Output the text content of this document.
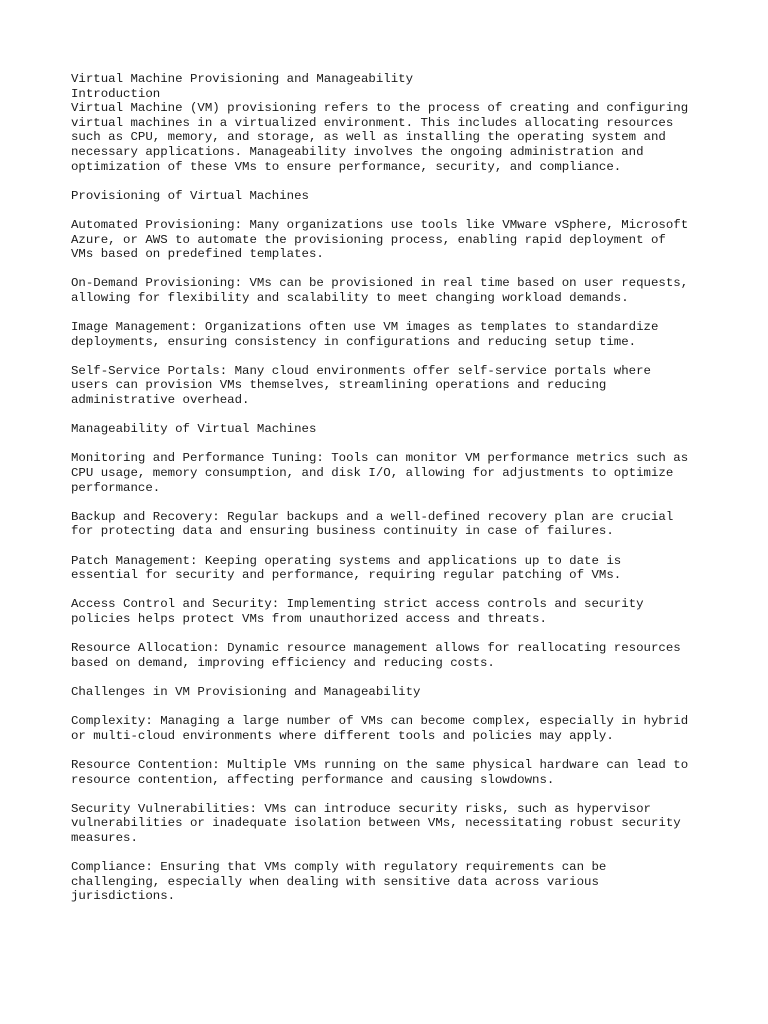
Virtual Machine Provisioning and Manageability

Introduction

Virtual Machine (VM) provisioning refers to the process of creating and configuring

virtual machines in a virtualized environment. This includes allocating resources

such as CPU, memory, and storage, as well as installing the operating system and

necessary applications. Manageability involves the ongoing administration and

optimization of these VMs to ensure performance, security, and compliance.

Provisioning of Virtual Machines

Automated Provisioning: Many organizations use tools like VMware vSphere, Microsoft

Azure, or AWS to automate the provisioning process, enabling rapid deployment of

VMs based on predefined templates.

On-Demand Provisioning: VMs can be provisioned in real time based on user requests,

allowing for flexibility and scalability to meet changing workload demands.

Image Management: Organizations often use VM images as templates to standardize

deployments, ensuring consistency in configurations and reducing setup time.

Self-Service Portals: Many cloud environments offer self-service portals where

users can provision VMs themselves, streamlining operations and reducing

administrative overhead.

Manageability of Virtual Machines

Monitoring and Performance Tuning: Tools can monitor VM performance metrics such as

CPU usage, memory consumption, and disk I/O, allowing for adjustments to optimize

performance.

Backup and Recovery: Regular backups and a well-defined recovery plan are crucial

for protecting data and ensuring business continuity in case of failures.

Patch Management: Keeping operating systems and applications up to date is

essential for security and performance, requiring regular patching of VMs.

Access Control and Security: Implementing strict access controls and security

policies helps protect VMs from unauthorized access and threats.

Resource Allocation: Dynamic resource management allows for reallocating resources

based on demand, improving efficiency and reducing costs.

Challenges in VM Provisioning and Manageability

Complexity: Managing a large number of VMs can become complex, especially in hybrid

or multi-cloud environments where different tools and policies may apply.

Resource Contention: Multiple VMs running on the same physical hardware can lead to

resource contention, affecting performance and causing slowdowns.

Security Vulnerabilities: VMs can introduce security risks, such as hypervisor

vulnerabilities or inadequate isolation between VMs, necessitating robust security

measures.

Compliance: Ensuring that VMs comply with regulatory requirements can be

challenging, especially when dealing with sensitive data across various

jurisdictions.
